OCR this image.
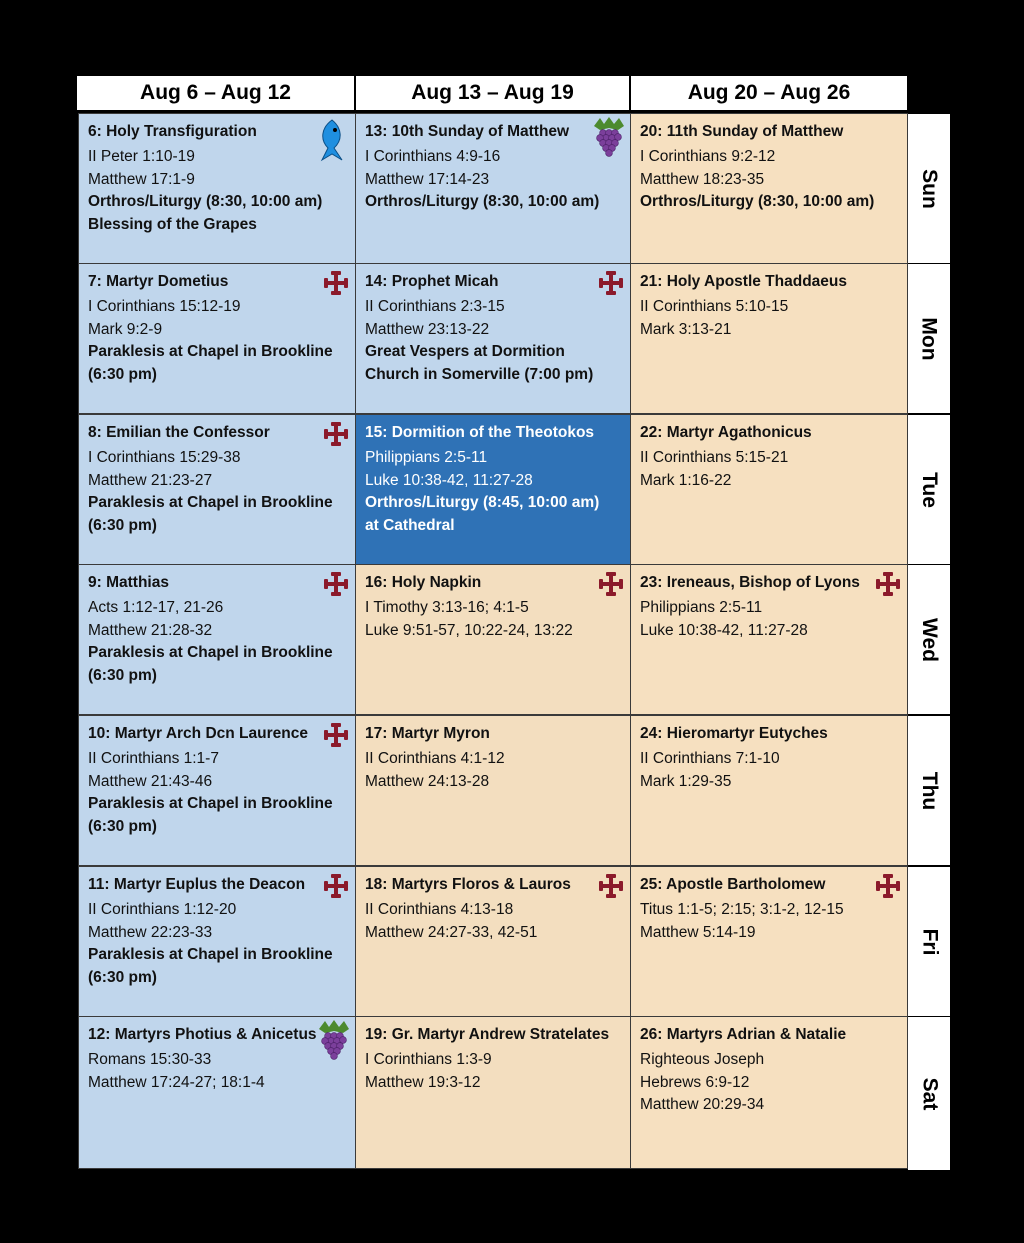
Aug 6 – Aug 12	Aug 13 – Aug 19	Aug 20 – Aug 26
Sun
Mon
Tue
Wed
Thu
Fri
Sat
6: Holy Transfiguration
II Peter 1:10-19
Matthew 17:1-9
Orthros/Liturgy (8:30, 10:00 am)
Blessing of the Grapes
7: Martyr Dometius
I Corinthians 15:12-19
Mark 9:2-9
Paraklesis at Chapel in Brookline
(6:30 pm)
8: Emilian the Confessor
I Corinthians 15:29-38
Matthew 21:23-27
Paraklesis at Chapel in Brookline
(6:30 pm)
9: Matthias
Acts 1:12-17, 21-26
Matthew 21:28-32
Paraklesis at Chapel in Brookline
(6:30 pm)
10: Martyr Arch Dcn Laurence
II Corinthians 1:1-7
Matthew 21:43-46
Paraklesis at Chapel in Brookline
(6:30 pm)
11: Martyr Euplus the Deacon
II Corinthians 1:12-20
Matthew 22:23-33
Paraklesis at Chapel in Brookline
(6:30 pm)
12: Martyrs Photius & Anicetus
Romans 15:30-33
Matthew 17:24-27; 18:1-4
13: 10th Sunday of Matthew
I Corinthians 4:9-16
Matthew 17:14-23
Orthros/Liturgy (8:30, 10:00 am)
14: Prophet Micah
II Corinthians 2:3-15
Matthew 23:13-22
Great Vespers at Dormition
Church in Somerville (7:00 pm)
15: Dormition of the Theotokos
Philippians 2:5-11
Luke 10:38-42, 11:27-28
Orthros/Liturgy (8:45, 10:00 am)
at Cathedral
16: Holy Napkin
I Timothy 3:13-16; 4:1-5
Luke 9:51-57, 10:22-24, 13:22
17: Martyr Myron
II Corinthians 4:1-12
Matthew 24:13-28
18: Martyrs Floros & Lauros
II Corinthians 4:13-18
Matthew 24:27-33, 42-51
19: Gr. Martyr Andrew Stratelates
I Corinthians 1:3-9
Matthew 19:3-12
20: 11th Sunday of Matthew
I Corinthians 9:2-12
Matthew 18:23-35
Orthros/Liturgy (8:30, 10:00 am)
21: Holy Apostle Thaddaeus
II Corinthians 5:10-15
Mark 3:13-21
22: Martyr Agathonicus
II Corinthians 5:15-21
Mark 1:16-22
23: Ireneaus, Bishop of Lyons
Philippians 2:5-11
Luke 10:38-42, 11:27-28
24: Hieromartyr Eutyches
II Corinthians 7:1-10
Mark 1:29-35
25: Apostle Bartholomew
Titus 1:1-5; 2:15; 3:1-2, 12-15
Matthew 5:14-19
26: Martyrs Adrian & Natalie
Righteous Joseph
Hebrews 6:9-12
Matthew 20:29-34
